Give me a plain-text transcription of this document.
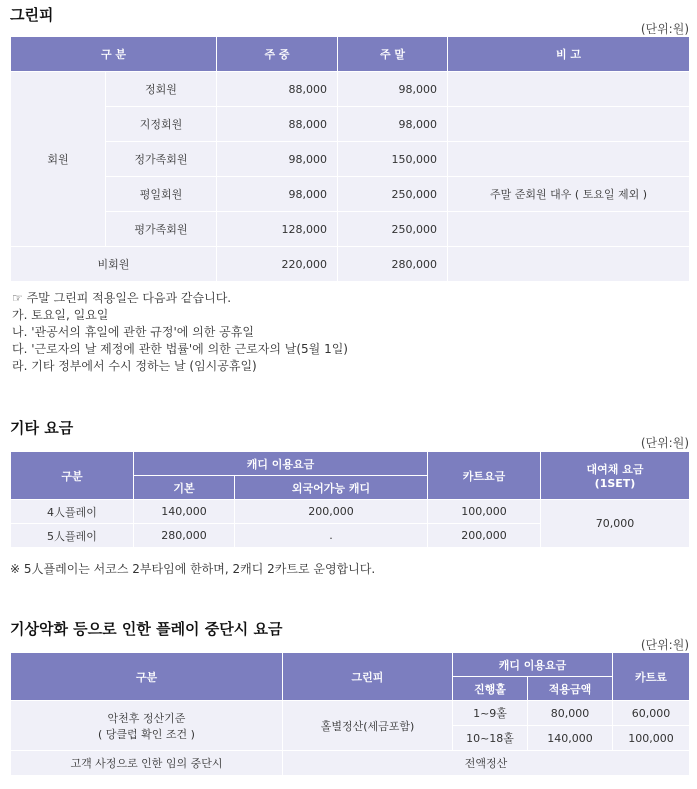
그린피
(단위:원)
구 분		주 중	주 말	비 고
회원	정회원	88,000	98,000	
	지정회원	88,000	98,000	
	정가족회원	98,000	150,000	
	평일회원	98,000	250,000	주말 준회원 대우 ( 토요일 제외 )
	평가족회원	128,000	250,000	
비회원		220,000	280,000	
☞ 주말 그린피 적용일은 다음과 같습니다.
가. 토요일, 일요일
나. '관공서의 휴일에 관한 규정'에 의한 공휴일
다. '근로자의 날 제정에 관한 법률'에 의한 근로자의 날(5월 1일)
라. 기타 정부에서 수시 정하는 날 (임시공휴일)
기타 요금
(단위:원)
구분	캐디 이용요금		카트요금	대여채 요금
(1SET)

	기본	외국어가능 캐디		
4人플레이	140,000	200,000	100,000	70,000
5人플레이	280,000	.	200,000	
※ 5人플레이는 서코스 2부타임에 한하며, 2캐디 2카트로 운영합니다.
기상악화 등으로 인한 플레이 중단시 요금
(단위:원)
구분	그린피	캐디 이용요금		카트료
		진행홀	적용금액	

악천후 정산기준
( 당클럽 확인 조건 )	홀별정산(세금포함)	1~9홀	80,000	60,000
		10~18홀	140,000	100,000
고객 사정으로 인한 임의 중단시	전액정산			
